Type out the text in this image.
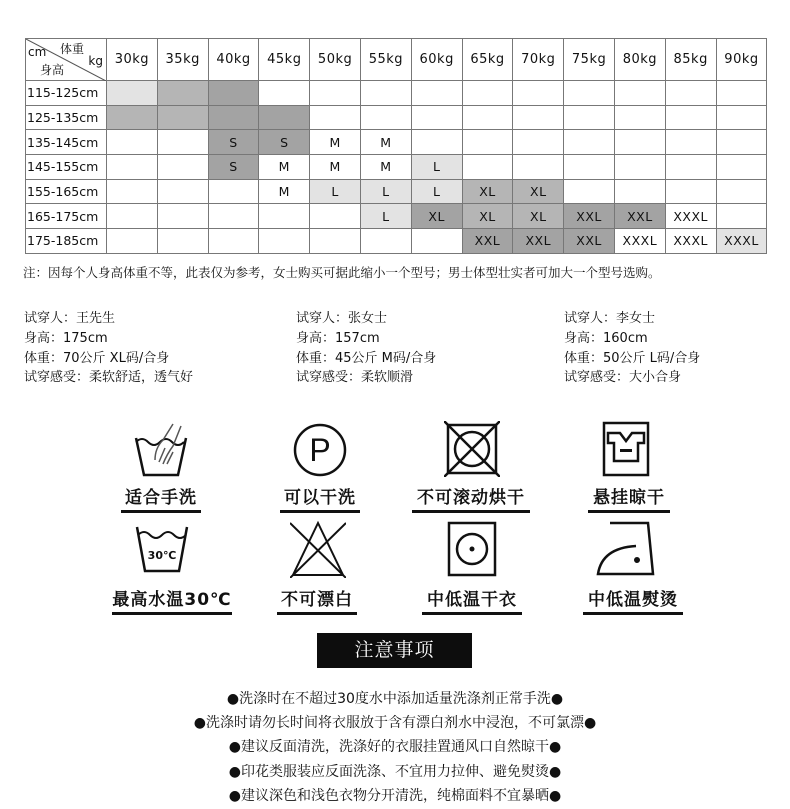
cm 体重
kg
身高	30kg	35kg	40kg	45kg	50kg	55kg	60kg	65kg	70kg	75kg	80kg	85kg	90kg
115-125cm													
125-135cm													
135-145cm			S	S	M	M							
145-155cm			S	M	M	M	L						
155-165cm				M	L	L	L	XL	XL				
165-175cm						L	XL	XL	XL	XXL	XXL	XXXL	
175-185cm								XXL	XXL	XXL	XXXL	XXXL	XXXL
注：因每个人身高体重不等，此表仅为参考，女士购买可据此缩小一个型号；男士体型壮实者可加大一个型号选购。
试穿人：王先生
身高：175cm
体重：70公斤 XL码/合身
试穿感受：柔软舒适，透气好
试穿人：张女士
身高：157cm
体重：45公斤 M码/合身
试穿感受：柔软顺滑
试穿人：李女士
身高：160cm
体重：50公斤 L码/合身
试穿感受：大小合身
P
适合手洗	可以干洗	不可滚动烘干	悬挂晾干
30℃
最高水温30℃	不可漂白	中低温干衣	中低温熨烫
注意事项
●洗涤时在不超过30度水中添加适量洗涤剂正常手洗●
●洗涤时请勿长时间将衣服放于含有漂白剂水中浸泡，不可氯漂●
●建议反面清洗，洗涤好的衣服挂置通风口自然晾干●
●印花类服装应反面洗涤、不宜用力拉伸、避免熨烫●
●建议深色和浅色衣物分开清洗，纯棉面料不宜暴晒●
